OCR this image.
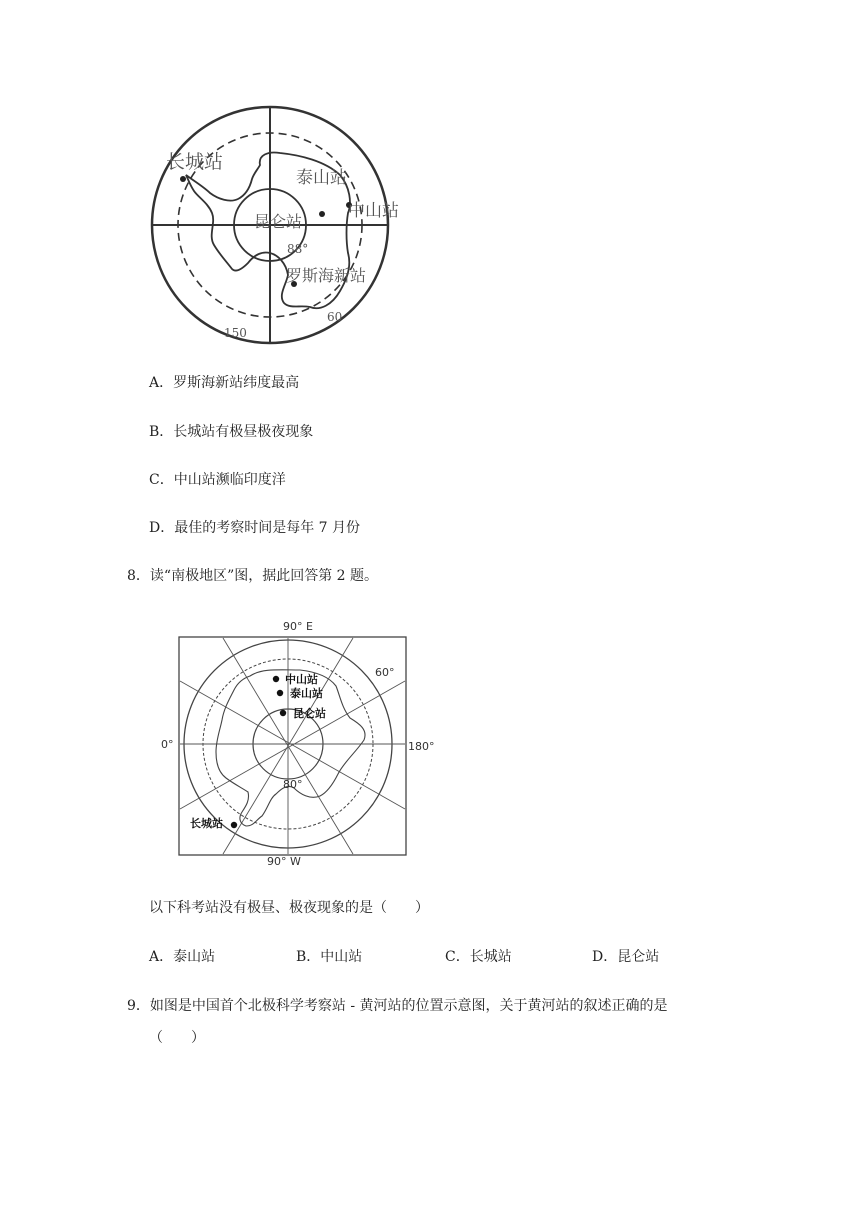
长城站
泰山站
中山站
昆仑站
88°
罗斯海新站
150
60
A．罗斯海新站纬度最高
B．长城站有极昼极夜现象
C．中山站濒临印度洋
D．最佳的考察时间是每年 7 月份
8．读“南极地区”图，据此回答第 2 题。
中山站
泰山站
昆仑站
长城站
90° E
90° W
0°	180°
60°
80°
以下科考站没有极昼、极夜现象的是（　　）
A．泰山站	B．中山站	C．长城站	D．昆仑站
9．如图是中国首个北极科学考察站 - 黄河站的位置示意图，关于黄河站的叙述正确的是
（　　）
